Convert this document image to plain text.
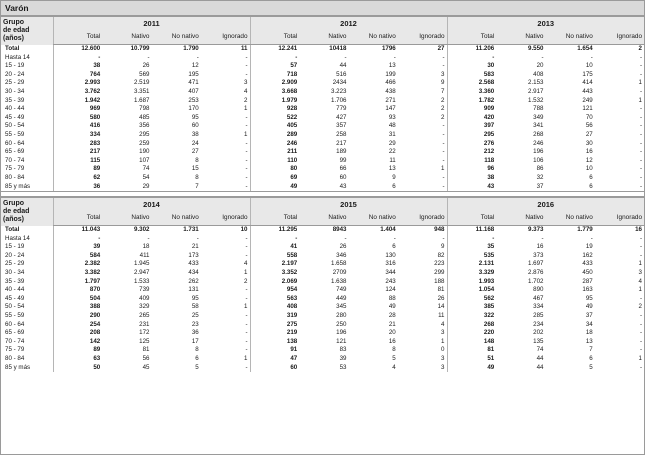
Varón
Grupo
de edad
(años)	2011				2012				2013			
	Total	Nativo	No nativo	Ignorado	Total	Nativo	No nativo	Ignorado	Total	Nativo	No nativo	Ignorado
Total	12.600	10.799	1.790	11	12.241	10418	1796	27	11.206	9.550	1.654	2
Hasta 14	-	-	-	-	-	-	-	-	-	-	-	-
15 - 19	38	26	12	-	57	44	13	-	30	20	10	-
20 - 24	764	569	195	-	718	516	199	3	583	408	175	-
25 - 29	2.993	2.519	471	3	2.909	2434	466	9	2.568	2.153	414	1
30 - 34	3.762	3.351	407	4	3.668	3.223	438	7	3.360	2.917	443	-
35 - 39	1.942	1.687	253	2	1.979	1.706	271	2	1.782	1.532	249	1
40 - 44	969	798	170	1	928	779	147	2	909	788	121	-
45 - 49	580	485	95	-	522	427	93	2	420	349	70	-
50 - 54	416	356	60	-	405	357	48	-	397	341	56	-
55 - 59	334	295	38	1	289	258	31	-	295	268	27	-
60 - 64	283	259	24	-	246	217	29	-	276	246	30	-
65 - 69	217	190	27	-	211	189	22	-	212	196	16	-
70 - 74	115	107	8	-	110	99	11	-	118	106	12	-
75 - 79	89	74	15	-	80	66	13	1	96	86	10	-
80 - 84	62	54	8	-	69	60	9	-	38	32	6	-
85 y más	36	29	7	-	49	43	6	-	43	37	6	-
Grupo
de edad
(años)	2014				2015				2016			
	Total	Nativo	No nativo	Ignorado	Total	Nativo	No nativo	Ignorado	Total	Nativo	No nativo	Ignorado
Total	11.043	9.302	1.731	10	11.295	8943	1.404	948	11.168	9.373	1.779	16
Hasta 14	-	-	-	-	-	-	-	-	-	-	-	-
15 - 19	39	18	21	-	41	26	6	9	35	16	19	-
20 - 24	584	411	173	-	558	346	130	82	535	373	162	-
25 - 29	2.382	1.945	433	4	2.197	1.658	316	223	2.131	1.697	433	1
30 - 34	3.382	2.947	434	1	3.352	2709	344	299	3.329	2.876	450	3
35 - 39	1.797	1.533	262	2	2.069	1.638	243	188	1.993	1.702	287	4
40 - 44	870	739	131	-	954	749	124	81	1.054	890	163	1
45 - 49	504	409	95	-	563	449	88	26	562	467	95	-
50 - 54	388	329	58	1	408	345	49	14	385	334	49	2
55 - 59	290	265	25	-	319	280	28	11	322	285	37	-
60 - 64	254	231	23	-	275	250	21	4	268	234	34	-
65 - 69	208	172	36	-	219	196	20	3	220	202	18	-
70 - 74	142	125	17	-	138	121	16	1	148	135	13	-
75 - 79	89	81	8	-	91	83	8	0	81	74	7	-
80 - 84	63	56	6	1	47	39	5	3	51	44	6	1
85 y más	50	45	5	-	60	53	4	3	49	44	5	-
